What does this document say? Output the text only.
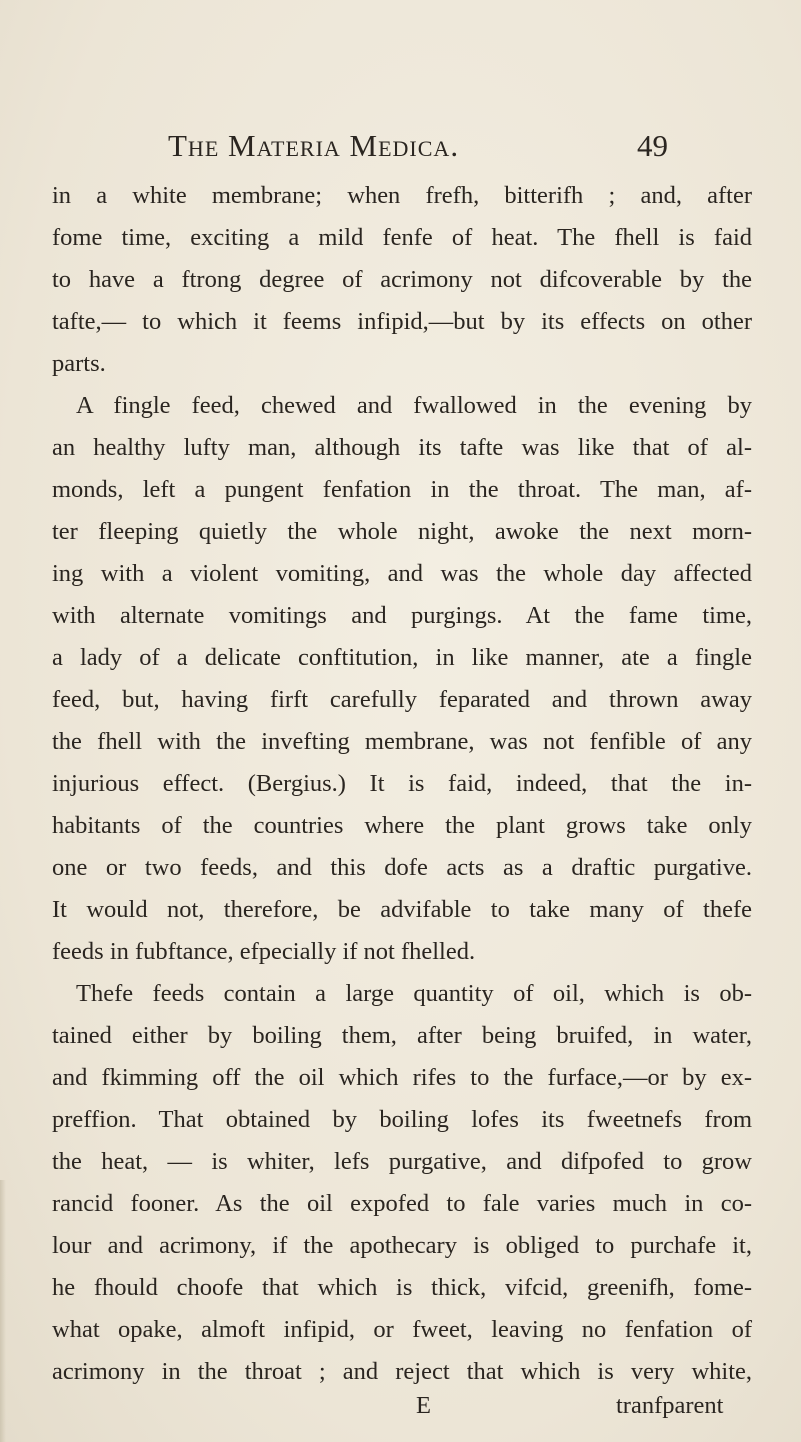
The Materia Medica.	49
in a white membrane; when frefh, bitterifh ; and, after
fome time, exciting a mild fenfe of heat. The fhell is faid
to have a ftrong degree of acrimony not difcoverable by the
tafte,— to which it feems infipid,—but by its effects on other
parts.
A fingle feed, chewed and fwallowed in the evening by
an healthy lufty man, although its tafte was like that of al-
monds, left a pungent fenfation in the throat. The man, af-
ter fleeping quietly the whole night, awoke the next morn-
ing with a violent vomiting, and was the whole day affected
with alternate vomitings and purgings. At the fame time,
a lady of a delicate conftitution, in like manner, ate a fingle
feed, but, having firft carefully feparated and thrown away
the fhell with the invefting membrane, was not fenfible of any
injurious effect. (Bergius.) It is faid, indeed, that the in-
habitants of the countries where the plant grows take only
one or two feeds, and this dofe acts as a draftic purgative.
It would not, therefore, be advifable to take many of thefe
feeds in fubftance, efpecially if not fhelled.
Thefe feeds contain a large quantity of oil, which is ob-
tained either by boiling them, after being bruifed, in water,
and fkimming off the oil which rifes to the furface,—or by ex-
preffion. That obtained by boiling lofes its fweetnefs from
the heat, — is whiter, lefs purgative, and difpofed to grow
rancid fooner. As the oil expofed to fale varies much in co-
lour and acrimony, if the apothecary is obliged to purchafe it,
he fhould choofe that which is thick, vifcid, greenifh, fome-
what opake, almoft infipid, or fweet, leaving no fenfation of
acrimony in the throat ; and reject that which is very white,
E	tranfparent
